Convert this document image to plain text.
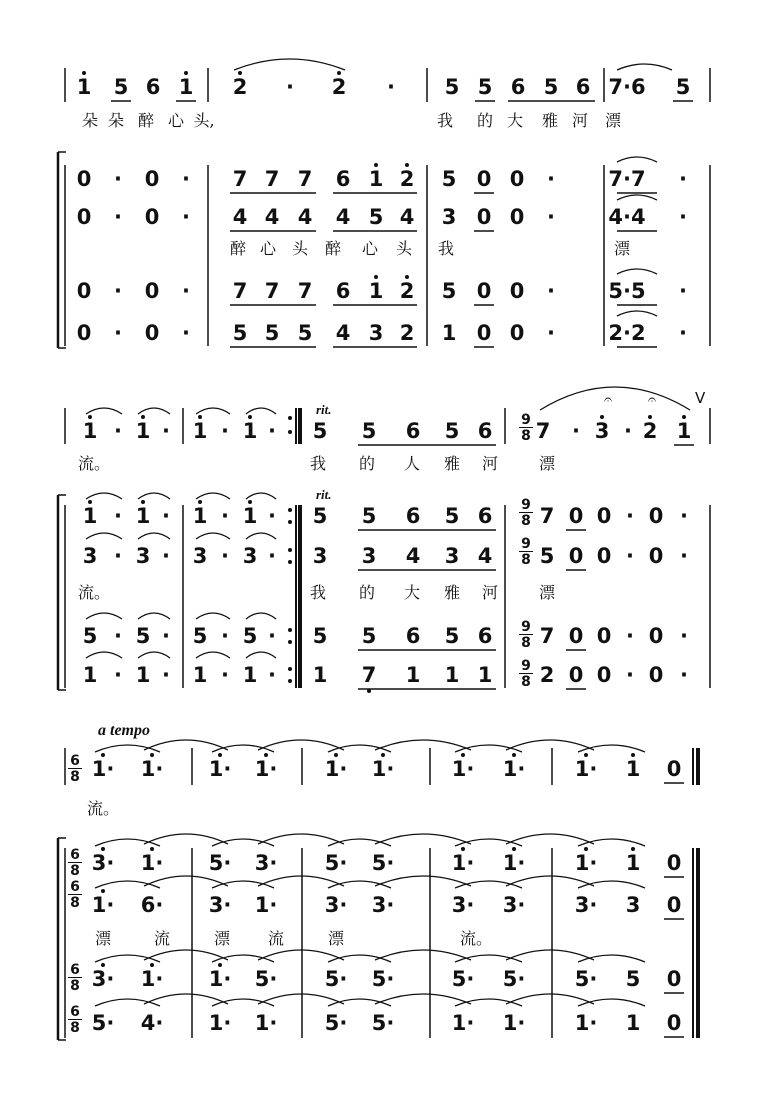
1 5 6 1 2 · 2 · 5 5 6 5 6 7·6 5
朵 朵 醉 心 头,	我 的 大 雅 河 漂
0 · 0 · 7 7 7 6 1 2 5 0 0 ·	7·7 ·
0 · 0 · 4 4 4 4 5 4 3 0 0 ·	4·4 ·
醉 心 头 醉 心 头 我	漂
0 · 0 · 7 7 7 6 1 2 5 0 0 ·	5·5 ·
0 · 0 · 5 5 5 4 3 2 1 0 0 ·	2·2 ·
1 · 1 · 1 · 1 · 5 5 6 5 6 7 · 3 · 2 1
流。	我 的 人 雅 河	漂
1 · 1 · 1 · 1 · 5 5 6 5 6 7 0 0 · 0 ·
3 · 3 · 3 · 3 · 3 3 4 3 4 5 0 0 · 0 ·
流。	我 的 大 雅 河	漂
5 · 5 · 5 · 5 · 5 5 6 5 6 7 0 0 · 0 ·
1 · 1 · 1 · 1 · 1 7 1 1 1 2 0 0 · 0 ·
1· 1· 1· 1· 1· 1·	1· 1· 1· 1 0
流。
3· 1· 5· 3· 5· 5·	1· 1· 1· 1 0
1· 6· 3· 1· 3· 3·	3· 3· 3· 3 0
漂	流	漂 流	漂	流。
3· 1· 1· 5· 5· 5·	5· 5· 5· 5 0
5· 4· 1· 1· 5· 5·	1· 1· 1· 1 0
rit.
rit.
a tempo
V
9
8
9
8
9
8
9
8
9
8
6
8
6
8
6
8
6
8
6
8
𝄐	𝄐
